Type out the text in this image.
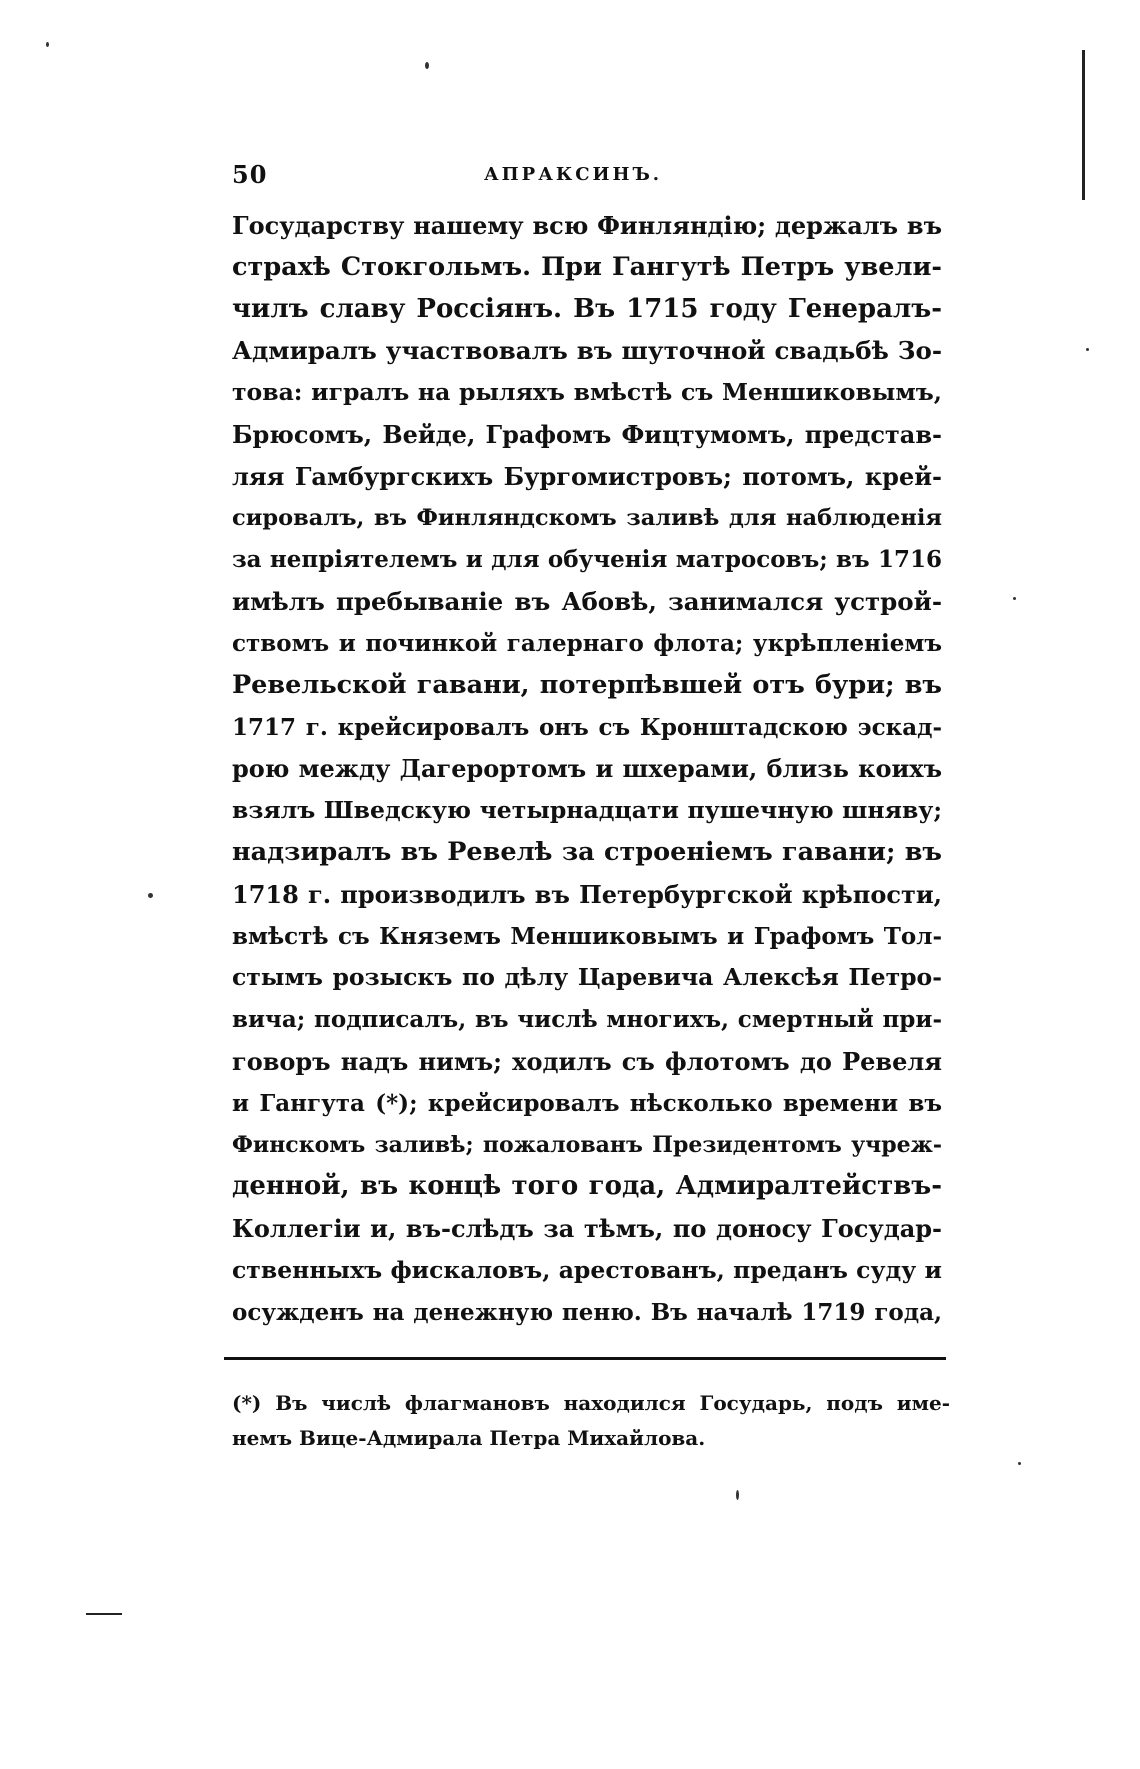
50	АПРАКСИНЪ.
Государству нашему всю Финляндію; держалъ въ
страхѣ Стокгольмъ. При Гангутѣ Петръ увели-
чилъ славу Россіянъ. Въ 1715 году Генералъ-
Адмиралъ участвовалъ въ шуточной свадьбѣ Зо-
това: игралъ на рыляхъ вмѣстѣ съ Меншиковымъ,
Брюсомъ, Вейде, Графомъ Фицтумомъ, представ-
ляя Гамбургскихъ Бургомистровъ; потомъ, крей-
сировалъ, въ Финляндскомъ заливѣ для наблюденія
за непріятелемъ и для обученія матросовъ; въ 1716
имѣлъ пребываніе въ Абовѣ, занимался устрой-
ствомъ и починкой галернаго флота; укрѣпленіемъ
Ревельской гавани, потерпѣвшей отъ бури; въ
1717 г. крейсировалъ онъ съ Кронштадскою эскад-
рою между Дагерортомъ и шхерами, близь коихъ
взялъ Шведскую четырнадцати пушечную шняву;
надзиралъ въ Ревелѣ за строеніемъ гавани; въ
1718 г. производилъ въ Петербургской крѣпости,
вмѣстѣ съ Княземъ Меншиковымъ и Графомъ Тол-
стымъ розыскъ по дѣлу Царевича Алексѣя Петро-
вича; подписалъ, въ числѣ многихъ, смертный при-
говоръ надъ нимъ; ходилъ съ флотомъ до Ревеля
и Гангута (*); крейсировалъ нѣсколько времени въ
Финскомъ заливѣ; пожалованъ Президентомъ учреж-
денной, въ концѣ того года, Адмиралтействъ-
Коллегіи и, въ-слѣдъ за тѣмъ, по доносу Государ-
ственныхъ фискаловъ, арестованъ, преданъ суду и
осужденъ на денежную пеню. Въ началѣ 1719 года,
(*) Въ числѣ флагмановъ находился Государь, подъ име-
немъ Вице-Адмирала Петра Михайлова.
